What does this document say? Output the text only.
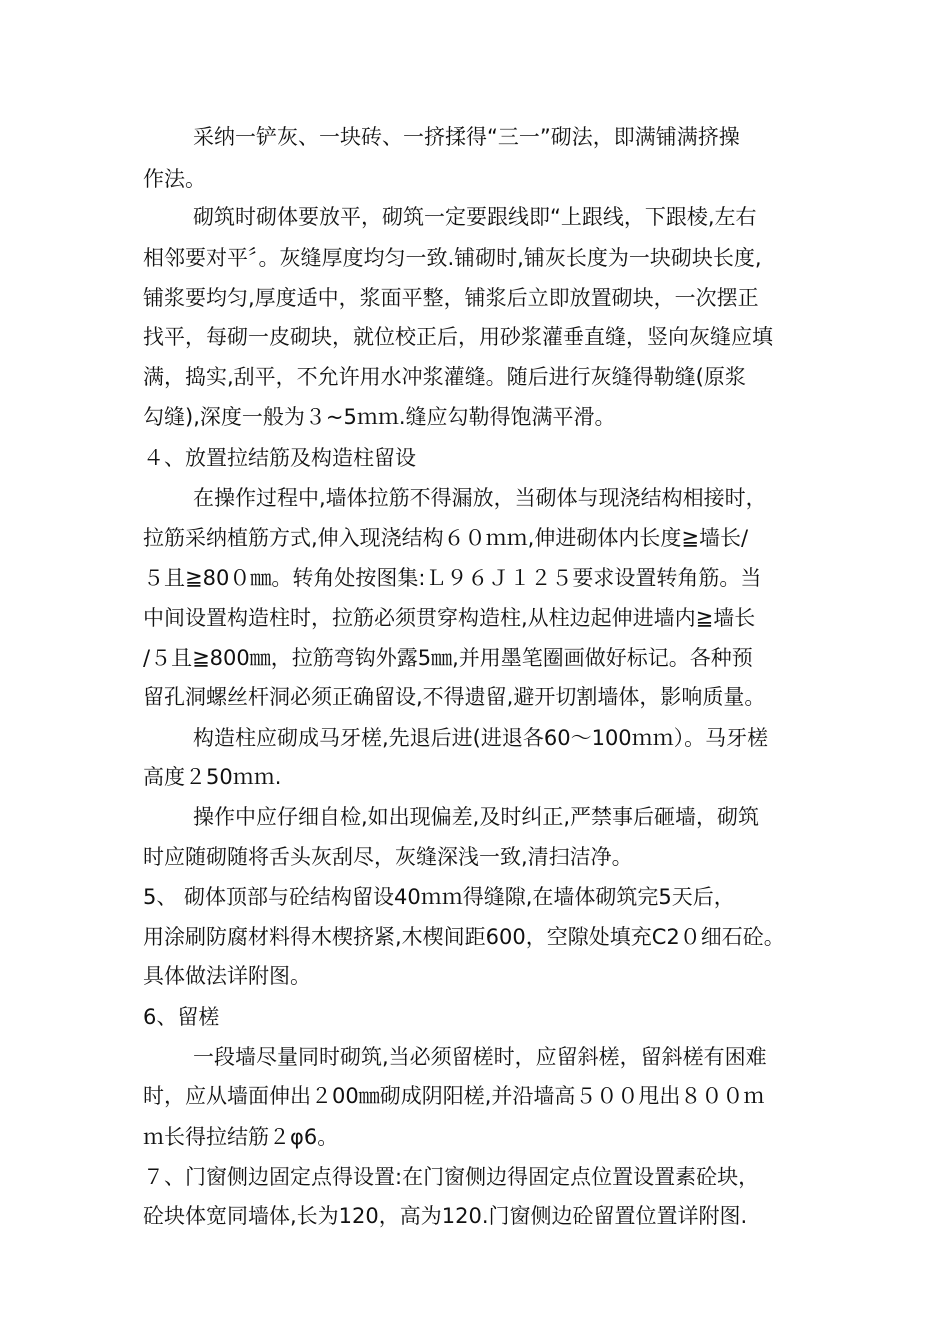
采纳一铲灰、一块砖、一挤揉得“三一”砌法，即满铺满挤操
作法。
砌筑时砌体要放平，砌筑一定要跟线即“上跟线，下跟棱,左右
相邻要对平〞。灰缝厚度均匀一致.铺砌时,铺灰长度为一块砌块长度,
铺浆要均匀,厚度适中，浆面平整，铺浆后立即放置砌块，一次摆正
找平，每砌一皮砌块，就位校正后，用砂浆灌垂直缝，竖向灰缝应填
满，捣实,刮平，不允许用水冲浆灌缝。随后进行灰缝得勒缝(原浆
勾缝),深度一般为３~5ｍｍ.缝应勾勒得饱满平滑。
４、放置拉结筋及构造柱留设
在操作过程中,墙体拉筋不得漏放，当砌体与现浇结构相接时，
拉筋采纳植筋方式,伸入现浇结构６０ｍｍ,伸进砌体内长度≧墙长/
５且≧80０㎜。转角处按图集:Ｌ９６Ｊ１２５要求设置转角筋。当
中间设置构造柱时，拉筋必须贯穿构造柱,从柱边起伸进墙内≧墙长
/５且≧800㎜，拉筋弯钩外露5㎜,并用墨笔圈画做好标记。各种预
留孔洞螺丝杆洞必须正确留设,不得遗留,避开切割墙体，影响质量。
构造柱应砌成马牙槎,先退后进(进退各60～100ｍｍ）。马牙槎
高度２50ｍｍ.
操作中应仔细自检,如出现偏差,及时纠正,严禁事后砸墙，砌筑
时应随砌随将舌头灰刮尽，灰缝深浅一致,清扫洁净。
5、 砌体顶部与砼结构留设40ｍｍ得缝隙,在墙体砌筑完5天后，
用涂刷防腐材料得木楔挤紧,木楔间距600，空隙处填充C2０细石砼。
具体做法详附图。
6、留槎
一段墙尽量同时砌筑,当必须留槎时，应留斜槎，留斜槎有困难
时，应从墙面伸出２00㎜砌成阴阳槎,并沿墙高５００甩出８００ｍ
ｍ长得拉结筋２φ6。
７、门窗侧边固定点得设置:在门窗侧边得固定点位置设置素砼块，
砼块体宽同墙体,长为120，高为120.门窗侧边砼留置位置详附图.
